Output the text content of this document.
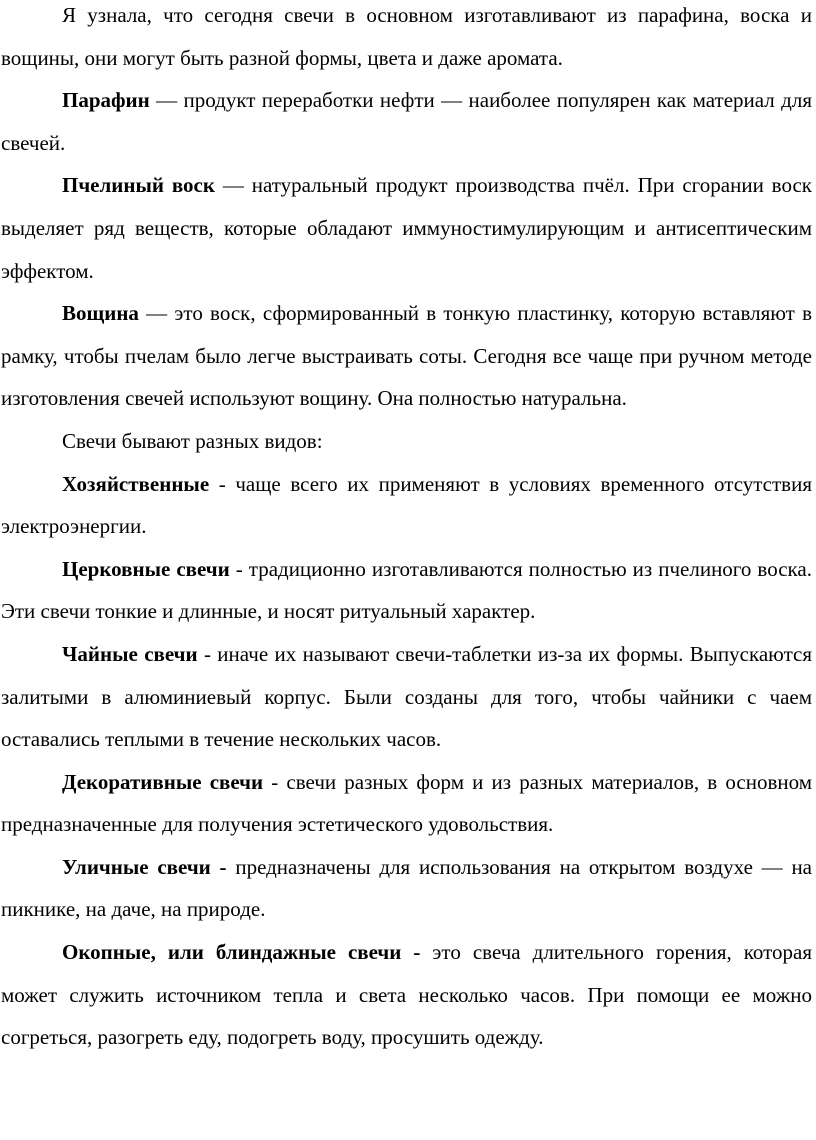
Я узнала, что сегодня свечи в основном изготавливают из парафина, воска и вощины, они могут быть разной формы, цвета и даже аромата.

Парафин — продукт переработки нефти — наиболее популярен как материал для свечей.

Пчелиный воск — натуральный продукт производства пчёл. При сгорании воск выделяет ряд веществ, которые обладают иммуностимулирующим и антисептическим эффектом.

Вощина — это воск, сформированный в тонкую пластинку, которую вставляют в рамку, чтобы пчелам было легче выстраивать соты. Сегодня все чаще при ручном методе изготовления свечей используют вощину. Она полностью натуральна.

Свечи бывают разных видов:

Хозяйственные - чаще всего их применяют в условиях временного отсутствия электроэнергии.

Церковные свечи - традиционно изготавливаются полностью из пчелиного воска. Эти свечи тонкие и длинные, и носят ритуальный характер.

Чайные свечи - иначе их называют свечи-таблетки из-за их формы. Выпускаются залитыми в алюминиевый корпус. Были созданы для того, чтобы чайники с чаем оставались теплыми в течение нескольких часов.

Декоративные свечи - свечи разных форм и из разных материалов, в основном предназначенные для получения эстетического удовольствия.

Уличные свечи - предназначены для использования на открытом воздухе — на пикнике, на даче, на природе.

Окопные, или блиндажные свечи - это свеча длительного горения, которая может служить источником тепла и света несколько часов. При помощи ее можно согреться, разогреть еду, подогреть воду, просушить одежду.
